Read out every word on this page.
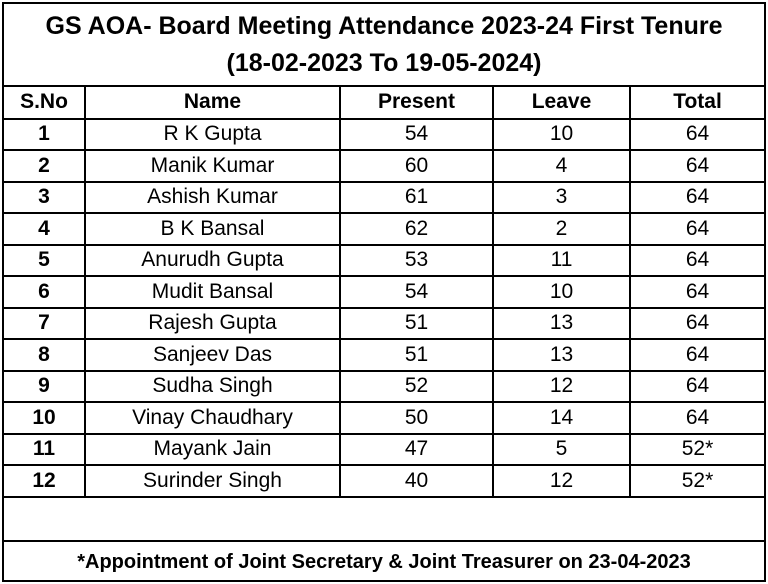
GS AOA- Board Meeting Attendance 2023-24 First Tenure
(18-02-2023 To 19-05-2024)
S.No	Name	Present	Leave	Total
1	R K Gupta	54	10	64
2	Manik Kumar	60	4	64
3	Ashish Kumar	61	3	64
4	B K Bansal	62	2	64
5	Anurudh Gupta	53	11	64
6	Mudit Bansal	54	10	64
7	Rajesh Gupta	51	13	64
8	Sanjeev Das	51	13	64
9	Sudha Singh	52	12	64
10	Vinay Chaudhary	50	14	64
11	Mayank Jain	47	5	52*
12	Surinder Singh	40	12	52*
*Appointment of Joint Secretary & Joint Treasurer on 23-04-2023
